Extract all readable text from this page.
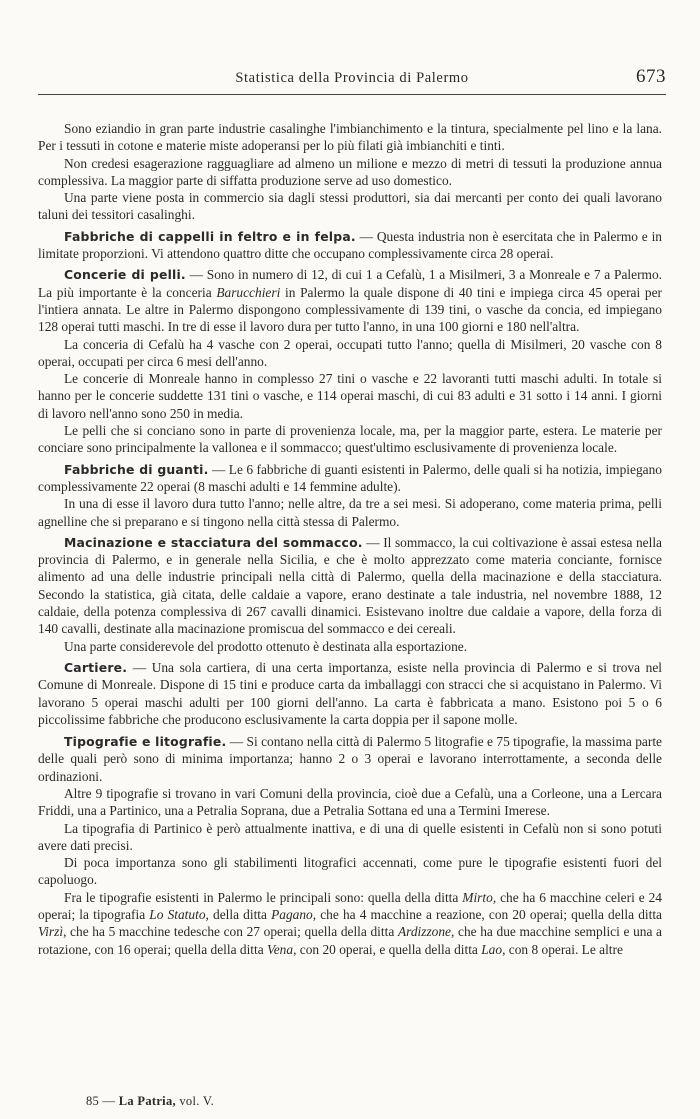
Statistica della Provincia di Palermo	673

Sono eziandio in gran parte industrie casalinghe l'imbianchimento e la tintura, specialmente pel lino e la lana. Per i tessuti in cotone e materie miste adoperansi per lo più filati già imbianchiti e tinti.

Non credesi esagerazione ragguagliare ad almeno un milione e mezzo di metri di tessuti la produzione annua complessiva. La maggior parte di siffatta produzione serve ad uso domestico.

Una parte viene posta in commercio sia dagli stessi produttori, sia dai mercanti per conto dei quali lavorano taluni dei tessitori casalinghi.

Fabbriche di cappelli in feltro e in felpa. — Questa industria non è esercitata che in Palermo e in limitate proporzioni. Vi attendono quattro ditte che occupano complessivamente circa 28 operai.

Concerie di pelli. — Sono in numero di 12, di cui 1 a Cefalù, 1 a Misilmeri, 3 a Monreale e 7 a Palermo. La più importante è la conceria Barucchieri in Palermo la quale dispone di 40 tini e impiega circa 45 operai per l'intiera annata. Le altre in Palermo dispongono complessivamente di 139 tini, o vasche da concia, ed impiegano 128 operai tutti maschi. In tre di esse il lavoro dura per tutto l'anno, in una 100 giorni e 180 nell'altra.

La conceria di Cefalù ha 4 vasche con 2 operai, occupati tutto l'anno; quella di Misilmeri, 20 vasche con 8 operai, occupati per circa 6 mesi dell'anno.

Le concerie di Monreale hanno in complesso 27 tini o vasche e 22 lavoranti tutti maschi adulti. In totale si hanno per le concerie suddette 131 tini o vasche, e 114 operai maschi, di cui 83 adulti e 31 sotto i 14 anni. I giorni di lavoro nell'anno sono 250 in media.

Le pelli che si conciano sono in parte di provenienza locale, ma, per la maggior parte, estera. Le materie per conciare sono principalmente la vallonea e il sommacco; quest'ultimo esclusivamente di provenienza locale.

Fabbriche di guanti. — Le 6 fabbriche di guanti esistenti in Palermo, delle quali si ha notizia, impiegano complessivamente 22 operai (8 maschi adulti e 14 femmine adulte).

In una di esse il lavoro dura tutto l'anno; nelle altre, da tre a sei mesi. Si adoperano, come materia prima, pelli agnelline che si preparano e si tingono nella città stessa di Palermo.

Macinazione e stacciatura del sommacco. — Il sommacco, la cui coltivazione è assai estesa nella provincia di Palermo, e in generale nella Sicilia, e che è molto apprezzato come materia conciante, fornisce alimento ad una delle industrie principali nella città di Palermo, quella della macinazione e della stacciatura. Secondo la statistica, già citata, delle caldaie a vapore, erano destinate a tale industria, nel novembre 1888, 12 caldaie, della potenza complessiva di 267 cavalli dinamici. Esistevano inoltre due caldaie a vapore, della forza di 140 cavalli, destinate alla macinazione promiscua del sommacco e dei cereali.

Una parte considerevole del prodotto ottenuto è destinata alla esportazione.

Cartiere. — Una sola cartiera, di una certa importanza, esiste nella provincia di Palermo e si trova nel Comune di Monreale. Dispone di 15 tini e produce carta da imballaggi con stracci che si acquistano in Palermo. Vi lavorano 5 operai maschi adulti per 100 giorni dell'anno. La carta è fabbricata a mano. Esistono poi 5 o 6 piccolissime fabbriche che producono esclusivamente la carta doppia per il sapone molle.

Tipografie e litografie. — Si contano nella città di Palermo 5 litografie e 75 tipografie, la massima parte delle quali però sono di minima importanza; hanno 2 o 3 operai e lavorano interrottamente, a seconda delle ordinazioni.

Altre 9 tipografie si trovano in vari Comuni della provincia, cioè due a Cefalù, una a Corleone, una a Lercara Friddi, una a Partinico, una a Petralia Soprana, due a Petralia Sottana ed una a Termini Imerese.

La tipografia di Partinico è però attualmente inattiva, e di una di quelle esistenti in Cefalù non si sono potuti avere dati precisi.

Di poca importanza sono gli stabilimenti litografici accennati, come pure le tipografie esistenti fuori del capoluogo.

Fra le tipografie esistenti in Palermo le principali sono: quella della ditta Mirto, che ha 6 macchine celeri e 24 operai; la tipografia Lo Statuto, della ditta Pagano, che ha 4 macchine a reazione, con 20 operai; quella della ditta Virzì, che ha 5 macchine tedesche con 27 operai; quella della ditta Ardizzone, che ha due macchine semplici e una a rotazione, con 16 operai; quella della ditta Vena, con 20 operai, e quella della ditta Lao, con 8 operai. Le altre

85 — La Patria, vol. V.
